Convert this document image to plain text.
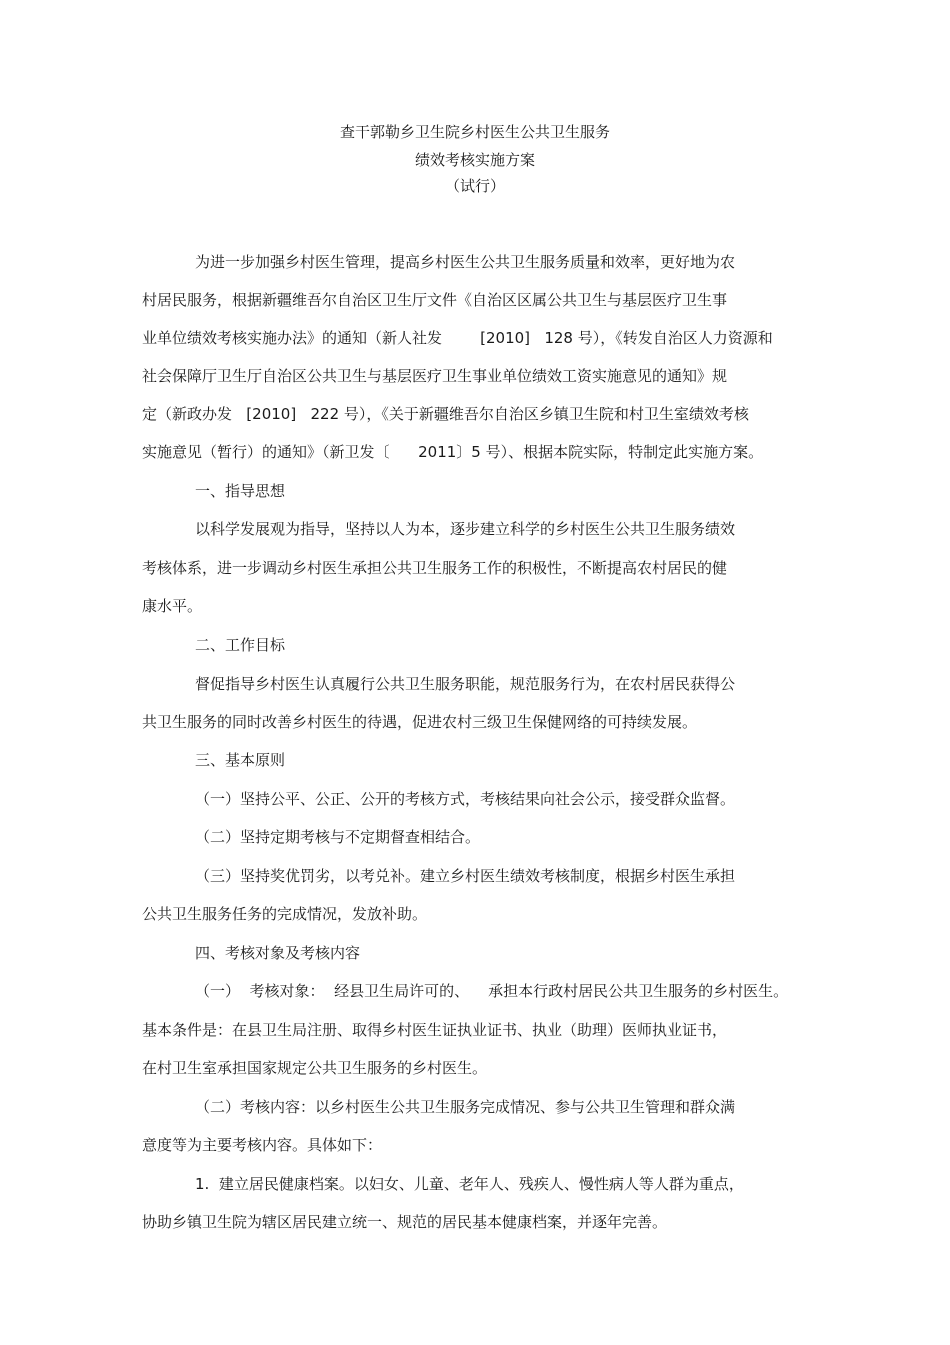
查干郭勒乡卫生院乡村医生公共卫生服务
绩效考核实施方案
（试行）
为进一步加强乡村医生管理，提高乡村医生公共卫生服务质量和效率，更好地为农
村居民服务，根据新疆维吾尔自治区卫生厅文件《自治区区属公共卫生与基层医疗卫生事
业单位绩效考核实施办法》的通知（新人社发        [2010]   128 号），《转发自治区人力资源和
社会保障厅卫生厅自治区公共卫生与基层医疗卫生事业单位绩效工资实施意见的通知》规
定（新政办发   [2010]   222 号），《关于新疆维吾尔自治区乡镇卫生院和村卫生室绩效考核
实施意见（暂行）的通知》（新卫发〔      2011〕5 号）、根据本院实际，特制定此实施方案。
一、指导思想
以科学发展观为指导，坚持以人为本，逐步建立科学的乡村医生公共卫生服务绩效
考核体系，进一步调动乡村医生承担公共卫生服务工作的积极性，不断提高农村居民的健
康水平。
二、工作目标
督促指导乡村医生认真履行公共卫生服务职能，规范服务行为，在农村居民获得公
共卫生服务的同时改善乡村医生的待遇，促进农村三级卫生保健网络的可持续发展。
三、基本原则
（一）坚持公平、公正、公开的考核方式，考核结果向社会公示，接受群众监督。
（二）坚持定期考核与不定期督查相结合。
（三）坚持奖优罚劣，以考兑补。建立乡村医生绩效考核制度，根据乡村医生承担
公共卫生服务任务的完成情况，发放补助。
四、考核对象及考核内容
（一）  考核对象：  经县卫生局许可的、    承担本行政村居民公共卫生服务的乡村医生。
基本条件是：在县卫生局注册、取得乡村医生证执业证书、执业（助理）医师执业证书，
在村卫生室承担国家规定公共卫生服务的乡村医生。
（二）考核内容：以乡村医生公共卫生服务完成情况、参与公共卫生管理和群众满
意度等为主要考核内容。具体如下：
1.  建立居民健康档案。以妇女、儿童、老年人、残疾人、慢性病人等人群为重点，
协助乡镇卫生院为辖区居民建立统一、规范的居民基本健康档案，并逐年完善。
